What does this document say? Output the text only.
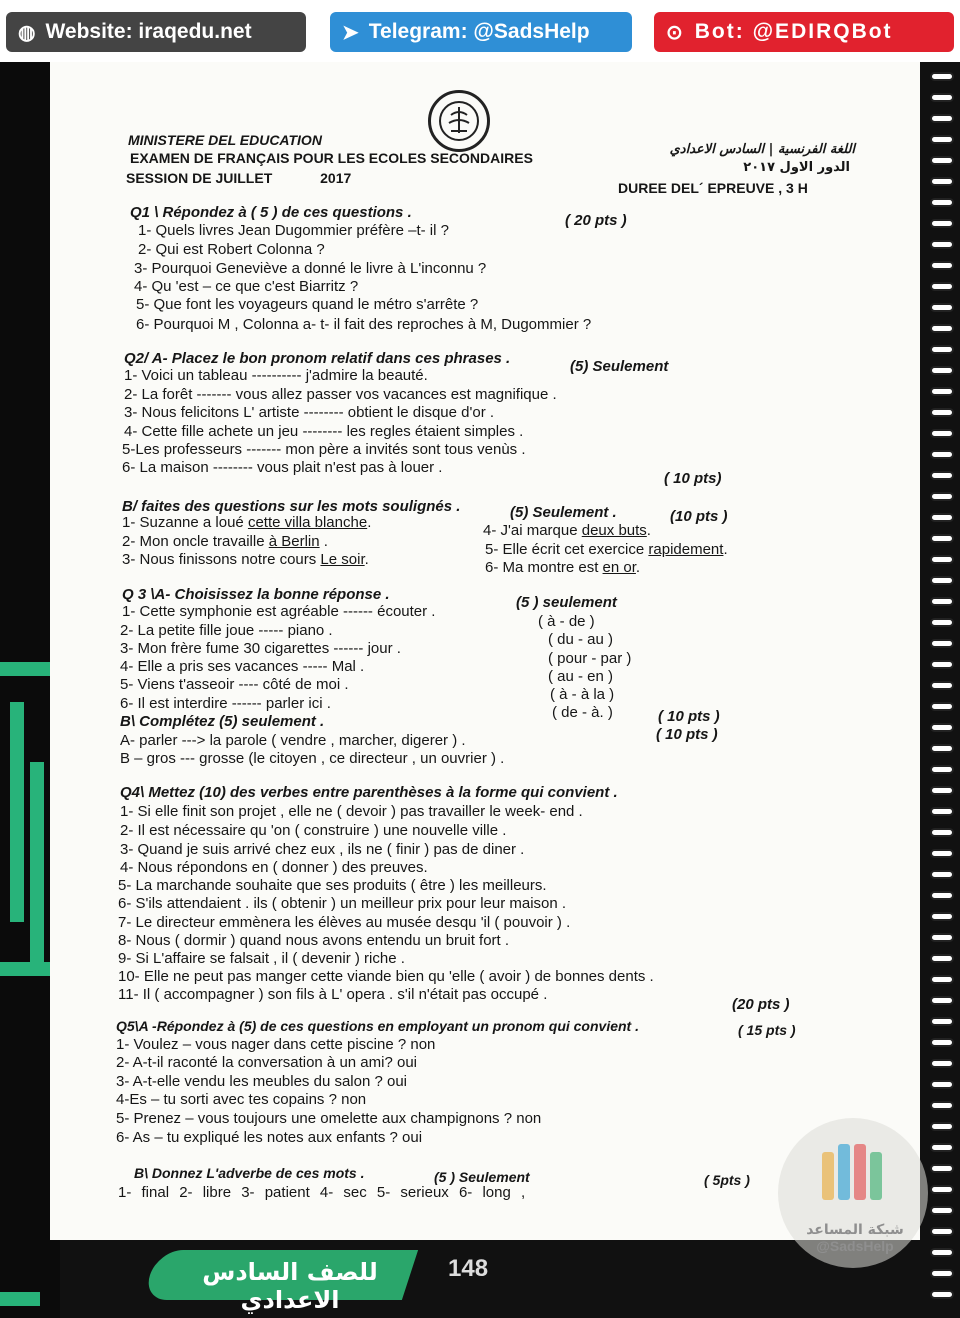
◍ Website: iraqedu.net	➤ Telegram: @SadsHelp	⊙ Bot: @EDIRQBot
MINISTERE DEL EDUCATION
EXAMEN DE FRANÇAIS POUR LES ECOLES SECONDAIRES
SESSION DE JUILLET	2017
اللغة الفرنسية | السادس الاعدادي
الدور الاول ٢٠١٧
DUREE DEL´ EPREUVE , 3 H
Q1 \ Répondez à ( 5 ) de ces questions .	( 20 pts )
1- Quels livres Jean Dugommier préfère –t- il ?
2- Qui est Robert Colonna ?
3- Pourquoi Geneviève a donné le livre à L'inconnu ?
4- Qu 'est – ce que c'est Biarritz ?
5- Que font les voyageurs quand le métro s'arrête ?
6- Pourquoi M , Colonna a- t- il fait des reproches à M, Dugommier ?
Q2/ A- Placez le bon pronom relatif dans ces phrases .	(5) Seulement
1- Voici un tableau ---------- j'admire la beauté.
2- La forêt ------- vous allez passer vos vacances est magnifique .
3- Nous felicitons L' artiste -------- obtient le disque d'or .
4- Cette fille achete un jeu -------- les regles étaient simples .
5-Les professeurs ------- mon père a invités sont tous venùs .
6- La maison -------- vous plait n'est pas à louer .
( 10 pts)
B/ faites des questions sur les mots soulignés .	(5) Seulement .	(10 pts )
1- Suzanne a loué cette villa blanche.
2- Mon oncle travaille à Berlin .
3- Nous finissons notre cours Le soir.
4- J'ai marque deux buts.
5- Elle écrit cet exercice rapidement.
6- Ma montre est en or.
Q 3 \A- Choisissez la bonne réponse .	(5 ) seulement
1- Cette symphonie est agréable ------ écouter .
2- La petite fille joue ----- piano .
3- Mon frère fume 30 cigarettes ------ jour .
4- Elle a pris ses vacances ----- Mal .
5- Viens t'asseoir ---- côté de moi .
6- Il est interdire ------ parler ici .
( à - de )
( du - au )
( pour - par )
( au - en )
( à - à la )
( de - à. )	( 10 pts )
( 10 pts )
B\ Complétez (5) seulement .
A- parler ---> la parole ( vendre , marcher, digerer ) .
B – gros --- grosse (le citoyen , ce directeur , un ouvrier ) .
Q4\ Mettez (10) des verbes entre parenthèses à la forme qui convient .
1- Si elle finit son projet , elle ne ( devoir ) pas travailler le week- end .
2- Il est nécessaire qu 'on ( construire ) une nouvelle ville .
3- Quand je suis arrivé chez eux , ils ne ( finir ) pas de diner .
4- Nous répondons en ( donner ) des preuves.
5- La marchande souhaite que ses produits ( être ) les meilleurs.
6- S'ils attendaient . ils ( obtenir ) un meilleur prix pour leur maison .
7- Le directeur emmènera les élèves au musée desqu 'il ( pouvoir ) .
8- Nous ( dormir ) quand nous avons entendu un bruit fort .
9- Si L'affaire se falsait , il ( devenir ) riche .
10- Elle ne peut pas manger cette viande bien qu 'elle ( avoir ) de bonnes dents .
11- Il ( accompagner ) son fils à L' opera . s'il n'était pas occupé .
(20 pts )
Q5\A -Répondez à (5) de ces questions en employant un pronom qui convient .	( 15 pts )
1- Voulez – vous nager dans cette piscine ? non
2- A-t-il raconté la conversation à un ami? oui
3- A-t-elle vendu les meubles du salon ? oui
4-Es – tu sorti avec tes copains ? non
5- Prenez – vous toujours une omelette aux champignons ? non
6- As – tu expliqué les notes aux enfants ? oui
B\ Donnez L'adverbe de ces mots .	(5 ) Seulement	( 5pts )
1- final 2- libre 3- patient 4- sec 5- serieux 6- long ,
للصف السادس الاعدادي
148
شبكة المساعد
@SadsHelp
